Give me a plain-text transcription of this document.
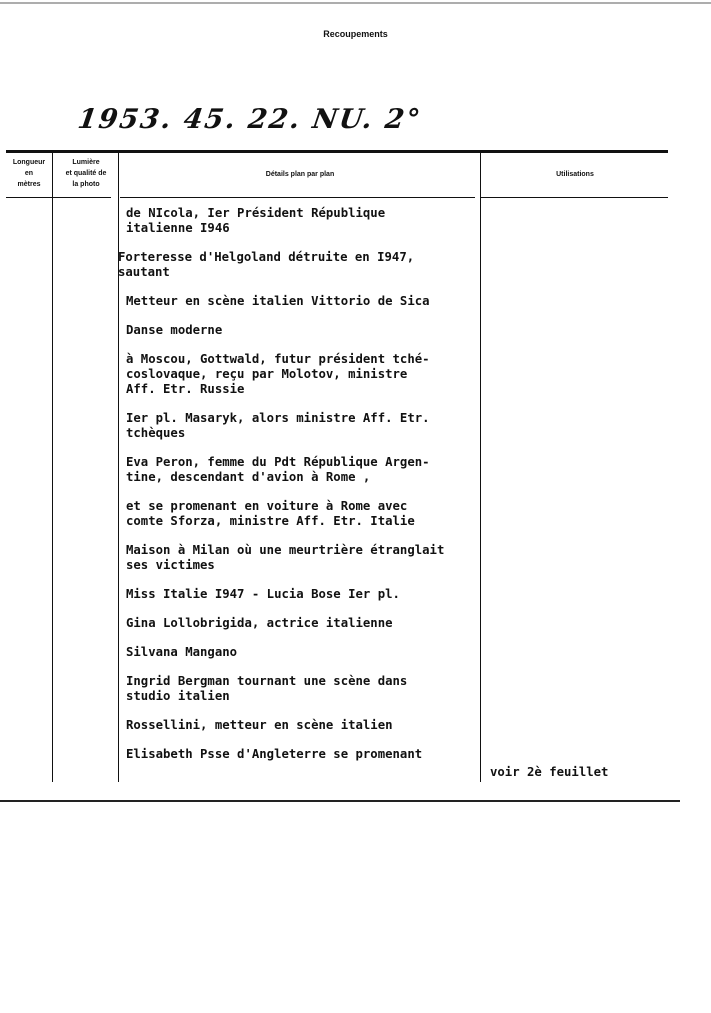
Recoupements
1953. 45. 22. NU. 2°
Longueur
en
mètres
Lumière
et qualité de
la photo
Détails plan par plan	Utilisations
de NIcola, Ier Président République
italienne I946
Forteresse d'Helgoland détruite en I947,
sautant
Metteur en scène italien Vittorio de Sica
Danse moderne
à Moscou, Gottwald, futur président tché-
coslovaque, reçu par Molotov, ministre
Aff. Etr. Russie
Ier pl. Masaryk, alors ministre Aff. Etr.
tchèques
Eva Peron, femme du Pdt République Argen-
tine, descendant d'avion à Rome ,
et se promenant en voiture à Rome avec
comte Sforza, ministre Aff. Etr. Italie
Maison à Milan où une meurtrière étranglait
ses victimes
Miss Italie I947 - Lucia Bose Ier pl.
Gina Lollobrigida, actrice italienne
Silvana Mangano
Ingrid Bergman tournant une scène dans
studio italien
Rossellini, metteur en scène italien
Elisabeth Psse d'Angleterre se promenant
voir 2è feuillet
